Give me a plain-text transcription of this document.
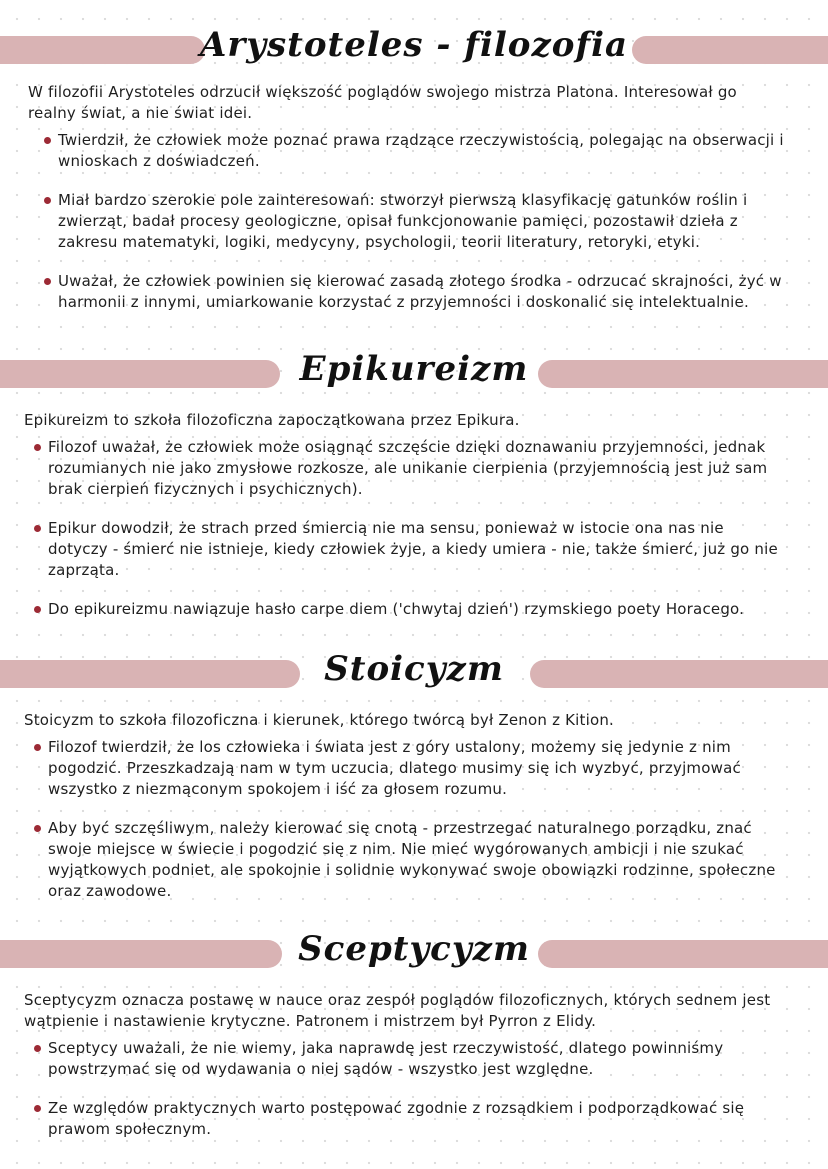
Arystoteles - filozofia

W filozofii Arystoteles odrzucił większość poglądów swojego mistrza Platona. Interesował go realny świat, a nie świat idei.

Twierdził, że człowiek może poznać prawa rządzące rzeczywistością, polegając na obserwacji i wnioskach z doświadczeń.
Miał bardzo szerokie pole zainteresowań: stworzył pierwszą klasyfikację gatunków roślin i zwierząt, badał procesy geologiczne, opisał funkcjonowanie pamięci, pozostawił dzieła z zakresu matematyki, logiki, medycyny, psychologii, teorii literatury, retoryki, etyki.
Uważał, że człowiek powinien się kierować zasadą złotego środka - odrzucać skrajności, żyć w harmonii z innymi, umiarkowanie korzystać z przyjemności i doskonalić się intelektualnie.
Epikureizm

Epikureizm to szkoła filozoficzna zapoczątkowana przez Epikura.

Filozof uważał, że człowiek może osiągnąć szczęście dzięki doznawaniu przyjemności, jednak rozumianych nie jako zmysłowe rozkosze, ale unikanie cierpienia (przyjemnością jest już sam brak cierpień fizycznych i psychicznych).
Epikur dowodził, że strach przed śmiercią nie ma sensu, ponieważ w istocie ona nas nie dotyczy - śmierć nie istnieje, kiedy człowiek żyje, a kiedy umiera - nie, także śmierć, już go nie zaprząta.
Do epikureizmu nawiązuje hasło carpe diem ('chwytaj dzień') rzymskiego poety Horacego.
Stoicyzm

Stoicyzm to szkoła filozoficzna i kierunek, którego twórcą był Zenon z Kition.

Filozof twierdził, że los człowieka i świata jest z góry ustalony, możemy się jedynie z nim pogodzić. Przeszkadzają nam w tym uczucia, dlatego musimy się ich wyzbyć, przyjmować wszystko z niezmąconym spokojem i iść za głosem rozumu.
Aby być szczęśliwym, należy kierować się cnotą - przestrzegać naturalnego porządku, znać swoje miejsce w świecie i pogodzić się z nim. Nie mieć wygórowanych ambicji i nie szukać wyjątkowych podniet, ale spokojnie i solidnie wykonywać swoje obowiązki rodzinne, społeczne oraz zawodowe.
Sceptycyzm

Sceptycyzm oznacza postawę w nauce oraz zespół poglądów filozoficznych, których sednem jest wątpienie i nastawienie krytyczne. Patronem i mistrzem był Pyrron z Elidy.

Sceptycy uważali, że nie wiemy, jaka naprawdę jest rzeczywistość, dlatego powinniśmy powstrzymać się od wydawania o niej sądów - wszystko jest względne.
Ze względów praktycznych warto postępować zgodnie z rozsądkiem i podporządkować się prawom społecznym.
